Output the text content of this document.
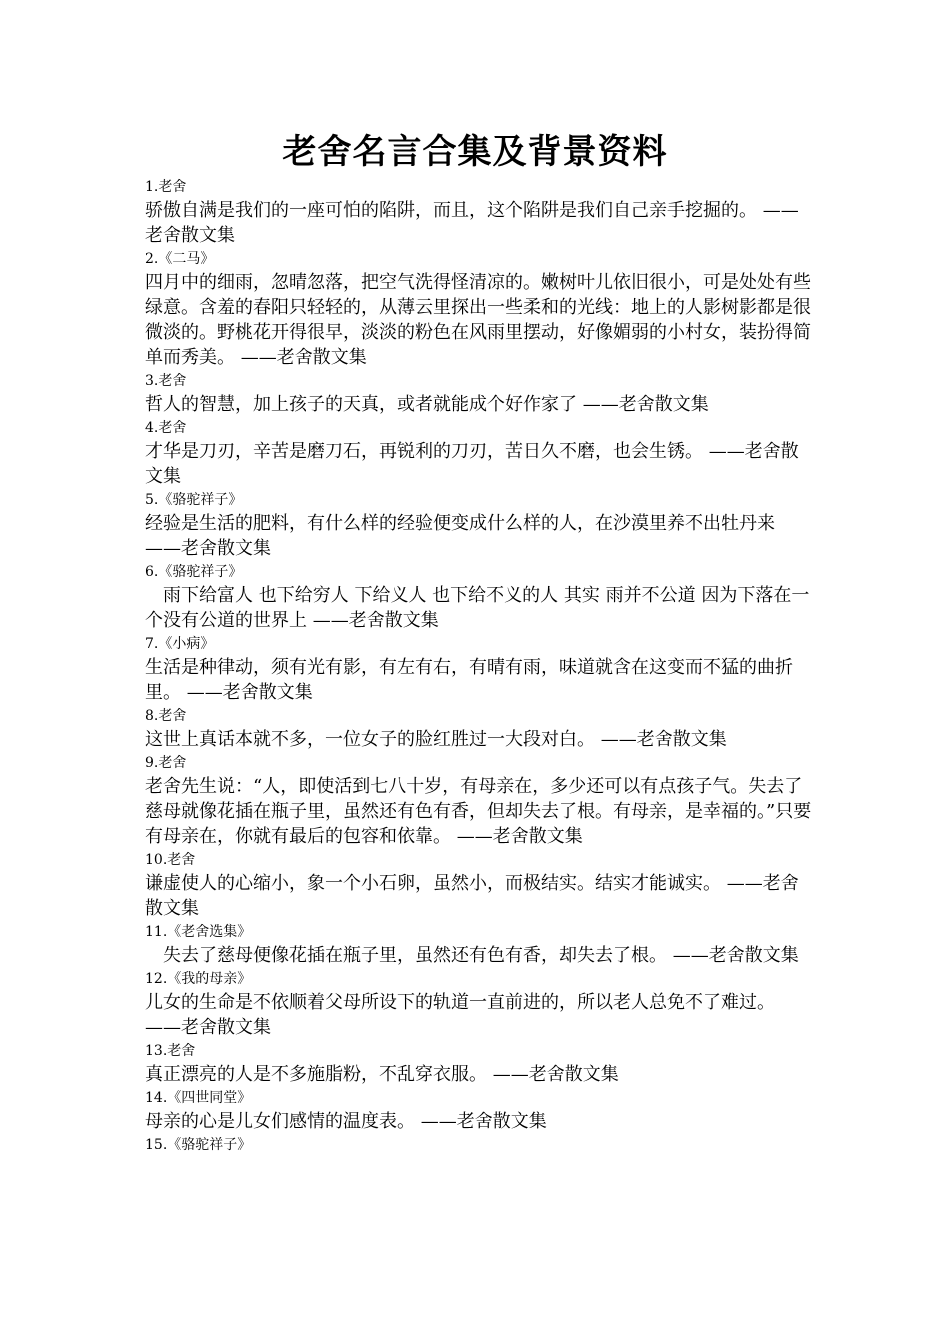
老舍名言合集及背景资料
1.老舍

骄傲自满是我们的一座可怕的陷阱，而且，这个陷阱是我们自己亲手挖掘的。 ——老舍散文集

2.《二马》

四月中的细雨，忽晴忽落，把空气洗得怪清凉的。嫩树叶儿依旧很小，可是处处有些绿意。含羞的春阳只轻轻的，从薄云里探出一些柔和的光线：地上的人影树影都是很微淡的。野桃花开得很早，淡淡的粉色在风雨里摆动，好像媚弱的小村女，装扮得简单而秀美。 ——老舍散文集

3.老舍

哲人的智慧，加上孩子的天真，或者就能成个好作家了 ——老舍散文集

4.老舍

才华是刀刃，辛苦是磨刀石，再锐利的刀刃，苦日久不磨，也会生锈。 ——老舍散文集

5.《骆驼祥子》

经验是生活的肥料，有什么样的经验便变成什么样的人，在沙漠里养不出牡丹来 ——老舍散文集

6.《骆驼祥子》

雨下给富人 也下给穷人 下给义人 也下给不义的人 其实 雨并不公道 因为下落在一个没有公道的世界上 ——老舍散文集

7.《小病》

生活是种律动，须有光有影，有左有右，有晴有雨，味道就含在这变而不猛的曲折里。 ——老舍散文集

8.老舍

这世上真话本就不多，一位女子的脸红胜过一大段对白。 ——老舍散文集

9.老舍

老舍先生说：“人，即使活到七八十岁，有母亲在，多少还可以有点孩子气。失去了慈母就像花插在瓶子里，虽然还有色有香，但却失去了根。有母亲，是幸福的。”只要有母亲在，你就有最后的包容和依靠。 ——老舍散文集

10.老舍

谦虚使人的心缩小，象一个小石卵，虽然小，而极结实。结实才能诚实。 ——老舍散文集

11.《老舍选集》

失去了慈母便像花插在瓶子里，虽然还有色有香，却失去了根。 ——老舍散文集

12.《我的母亲》

儿女的生命是不依顺着父母所设下的轨道一直前进的，所以老人总免不了难过。 ——老舍散文集

13.老舍

真正漂亮的人是不多施脂粉，不乱穿衣服。 ——老舍散文集

14.《四世同堂》

母亲的心是儿女们感情的温度表。 ——老舍散文集

15.《骆驼祥子》
